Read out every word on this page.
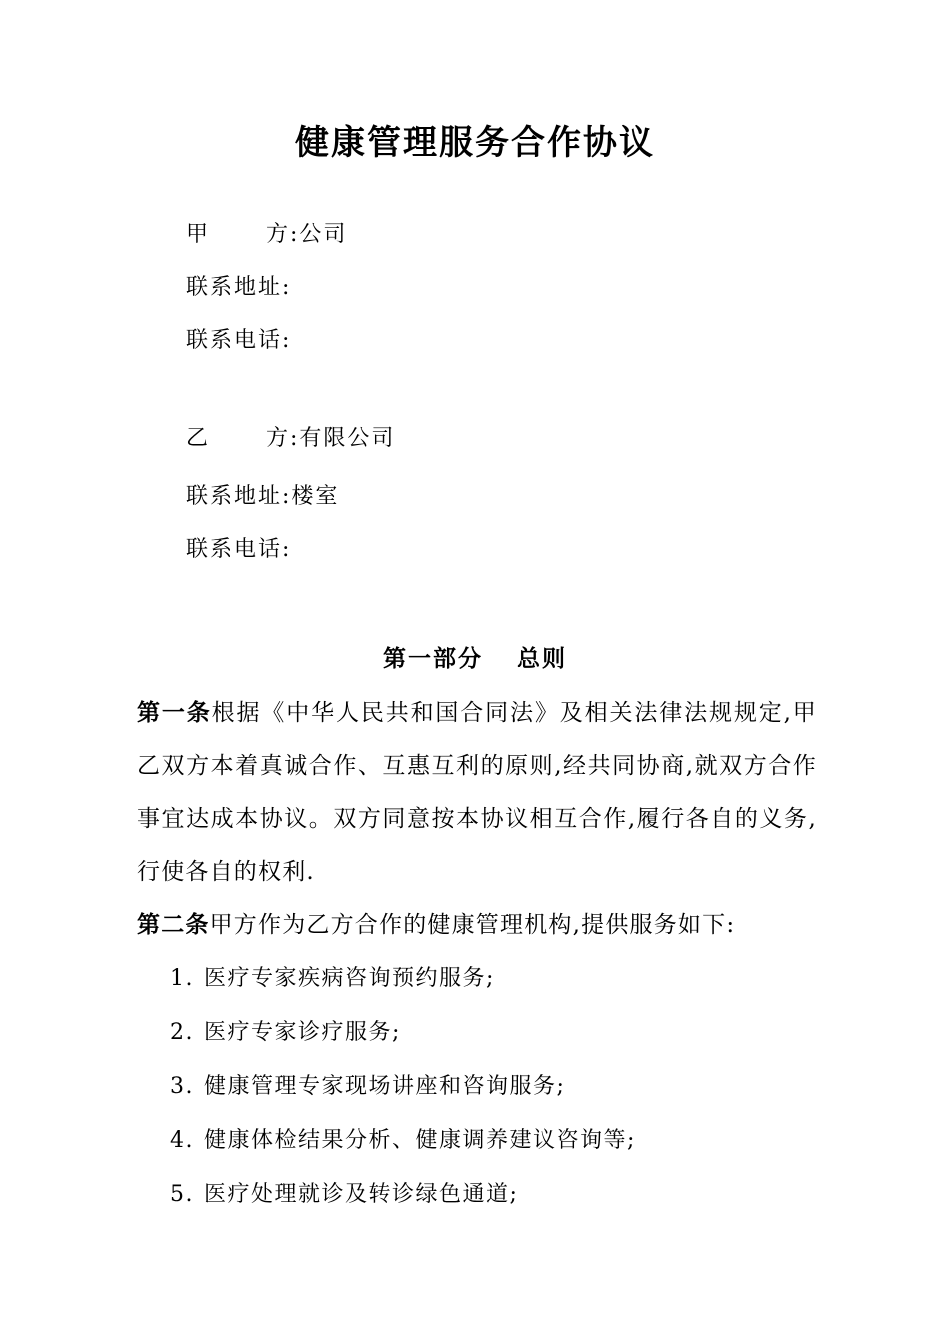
健康管理服务合作协议
甲	方 :公司
联系地址:
联系电话:
乙	方 :有限公司
联系地址:楼室
联系电话:
第一部分 总则
第一条根据《中华人民共和国合同法》及相关法律法规规定,甲乙双方本着真诚合作、互惠互利的原则,经共同协商,就双方合作事宜达成本协议。双方同意按本协议相互合作,履行各自的义务,行使各自的权利.
第二条甲方作为乙方合作的健康管理机构,提供服务如下:
1. 医疗专家疾病咨询预约服务;
2. 医疗专家诊疗服务;
3. 健康管理专家现场讲座和咨询服务;
4. 健康体检结果分析、健康调养建议咨询等;
5. 医疗处理就诊及转诊绿色通道;
